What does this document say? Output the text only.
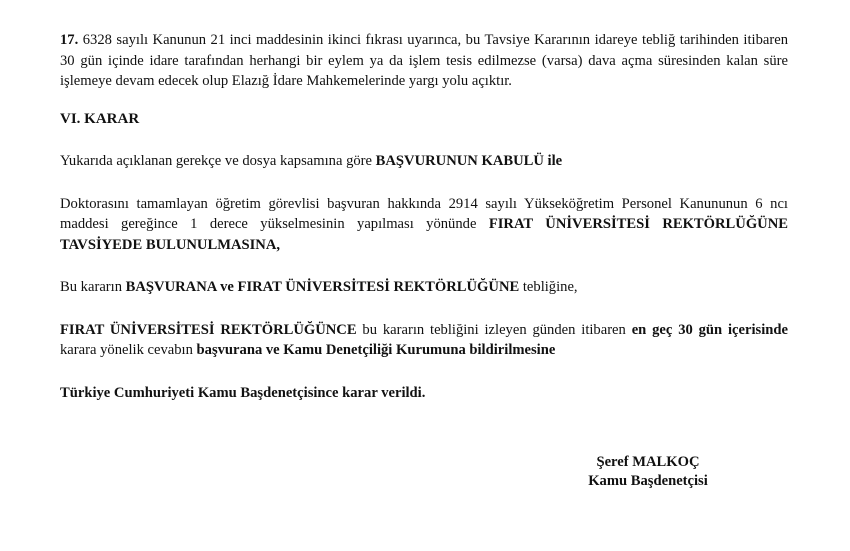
17. 6328 sayılı Kanunun 21 inci maddesinin ikinci fıkrası uyarınca, bu Tavsiye Kararının idareye tebliğ tarihinden itibaren 30 gün içinde idare tarafından herhangi bir eylem ya da işlem tesis edilmezse (varsa) dava açma süresinden kalan süre işlemeye devam edecek olup Elazığ İdare Mahkemelerinde yargı yolu açıktır.

VI. KARAR

Yukarıda açıklanan gerekçe ve dosya kapsamına göre BAŞVURUNUN KABULÜ ile

Doktorasını tamamlayan öğretim görevlisi başvuran hakkında 2914 sayılı Yükseköğretim Personel Kanununun 6 ncı maddesi gereğince 1 derece yükselmesinin yapılması yönünde FIRAT ÜNİVERSİTESİ REKTÖRLÜĞÜNE TAVSİYEDE BULUNULMASINA,

Bu kararın BAŞVURANA ve FIRAT ÜNİVERSİTESİ REKTÖRLÜĞÜNE tebliğine,

FIRAT ÜNİVERSİTESİ REKTÖRLÜĞÜNCE bu kararın tebliğini izleyen günden itibaren en geç 30 gün içerisinde karara yönelik cevabın başvurana ve Kamu Denetçiliği Kurumuna bildirilmesine

Türkiye Cumhuriyeti Kamu Başdenetçisince karar verildi.

Şeref MALKOÇ
Kamu Başdenetçisi
